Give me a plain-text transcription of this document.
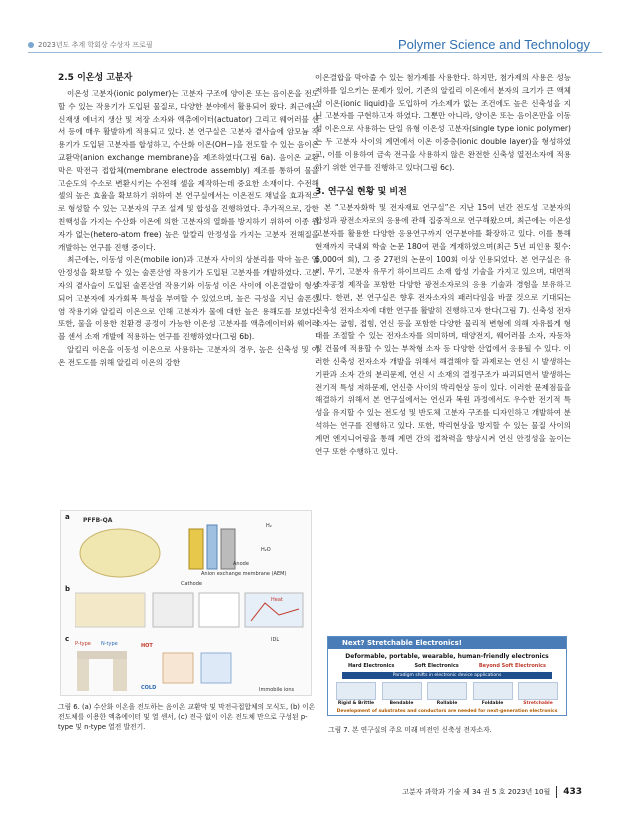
2023년도 추계 학회상 수상자 프로필	Polymer Science and Technology
2.5 이온성 고분자

이온성 고분자(ionic polymer)는 고분자 구조에 양이온 또는 음이온을 전도할 수 있는 작용기가 도입된 물질로, 다양한 분야에서 활용되어 왔다. 최근에는 신재생 에너지 생산 및 저장 소자와 액츄에이터(actuator) 그리고 웨어러블 센서 등에 매우 활발하게 적용되고 있다. 본 연구실은 고분자 곁사슬에 암모늄 작용기가 도입된 고분자를 합성하고, 수산화 이온(OH−)을 전도할 수 있는 음이온 교환막(anion exchange membrane)을 제조하였다(그림 6a). 음이온 교환막은 막전극 접합체(membrane electrode assembly) 제조를 통하여 물을 고순도의 수소로 변환시키는 수전해 셀을 제작하는데 중요한 소재이다. 수전해 셀의 높은 효율을 확보하기 위하여 본 연구실에서는 이온전도 채널을 효과적으로 형성할 수 있는 고분자의 구조 설계 및 합성을 진행하였다. 추가적으로, 강한 친핵성을 가지는 수산화 이온에 의한 고분자의 열화를 방지하기 위하여 이종 원자가 없는(hetero-atom free) 높은 알칼리 안정성을 가지는 고분자 전해질을 개발하는 연구를 진행 중이다.

최근에는, 이동성 이온(mobile ion)과 고분자 사이의 상분리를 막아 높은 열 안정성을 확보할 수 있는 술폰산염 작용기가 도입된 고분자를 개발하였다. 고분자의 곁사슬이 도입된 술폰산염 작용기와 이동성 이온 사이에 이온결합이 형성되어 고분자에 자가회복 특성을 부여할 수 있었으며, 높은 극성을 지닌 술폰산염 작용기와 알킬리 이온으로 인해 고분자가 물에 대한 높은 용해도를 보였다. 또한, 물을 이용한 친환경 공정이 가능한 이온성 고분자를 액츄에이터와 웨어러블 센서 소재 개발에 적용하는 연구를 진행하였다(그림 6b).

알킬리 이온을 이동성 이온으로 사용하는 고분자의 경우, 높은 신축성 및 이온 전도도를 위해 알킬리 이온의 강한

a PFFB-QA
H₂
H₂O
Anode
Anion exchange membrane (AEM)
Cathode
b
Heat
c
P-type N-type	HOT
COLD
IDL
Immobile ions
그림 6. (a) 수산화 이온을 전도하는 음이온 교환막 및 막전극접합체의 모식도, (b) 이온 전도체를 이용한 액츄에이터 및 열 센서, (c) 전극 없이 이온 전도체 만으로 구성된 p-type 및 n-type 열전 발전기.

이온결합을 막아줄 수 있는 첨가제를 사용한다. 하지만, 첨가제의 사용은 성능 저하를 일으키는 문제가 있어, 기존의 알킬리 이온에서 분자의 크기가 큰 액체성 이온(ionic liquid)을 도입하여 가소제가 없는 조건에도 높은 신축성을 지닌 고분자를 구현하고자 하였다. 그뿐만 아니라, 양이온 또는 음이온만을 이동성 이온으로 사용하는 단일 유형 이온성 고분자(single type ionic polymer)는 두 고분자 사이의 계면에서 이온 이중층(ionic double layer)을 형성하였고, 이를 이용하여 금속 전극을 사용하지 않은 완전한 신축성 열전소자에 적용하기 위한 연구를 진행하고 있다(그림 6c).

3. 연구실 현황 및 비전

본 “고분자화학 및 전자재료 연구실”은 지난 15여 년간 전도성 고분자의 합성과 광전소자로의 응용에 관해 집중적으로 연구해왔으며, 최근에는 이온성 고분자를 활용한 다양한 응용연구까지 연구분야를 확장하고 있다. 이를 통해 현재까지 국내외 학술 논문 180여 편을 게재하였으며(최근 5년 피인용 횟수: 6,000여 회), 그 중 27편의 논문이 100회 이상 인용되었다. 본 연구실은 유기, 무기, 고분자 유무기 하이브리드 소재 합성 기술을 가지고 있으며, 대면적 소자공정 제작을 포함한 다양한 광전소자로의 응용 기술과 경험을 보유하고 있다. 한편, 본 연구실은 향후 전자소자의 패러다임을 바꿀 것으로 기대되는 신축성 전자소자에 대한 연구를 활발히 진행하고자 한다(그림 7). 신축성 전자소자는 굽힘, 접힘, 연신 등을 포함한 다양한 물리적 변형에 의해 자유롭게 형태를 조절할 수 있는 전자소자를 의미하며, 태양전지, 웨어러블 소자, 자동차 및 건물에 적용할 수 있는 부착형 소자 등 다양한 산업에서 응용될 수 있다. 이러한 신축성 전자소자 개발을 위해서 해결해야 할 과제로는 연신 시 발생하는 기판과 소자 간의 분리문제, 연신 시 소재의 결정구조가 파괴되면서 발생하는 전기적 특성 저하문제, 연신층 사이의 박리현상 등이 있다. 이러한 문제점들을 해결하기 위해서 본 연구실에서는 연신과 복원 과정에서도 우수한 전기적 특성을 유지할 수 있는 전도성 및 반도체 고분자 구조를 디자인하고 개발하여 분석하는 연구를 진행하고 있다. 또한, 박리현상을 방지할 수 있는 물질 사이의 계면 엔지니어링을 통해 계면 간의 접착력을 향상시켜 연신 안정성을 높이는 연구 또한 수행하고 있다.

Next? Stretchable Electronics!
Deformable, portable, wearable, human-friendly electronics
Hard Electronics	Soft Electronics	Beyond Soft Electronics
Paradigm shifts in electronic device applications
Rigid & Brittle	Bendable	Rollable	Foldable	Stretchable
Development of substrates and conductors are needed for next-generation electronics
그림 7. 본 연구실의 주요 미래 비전인 신축성 전자소자.
고분자 과학과 기술 제 34 권 5 호 2023년 10월 433
